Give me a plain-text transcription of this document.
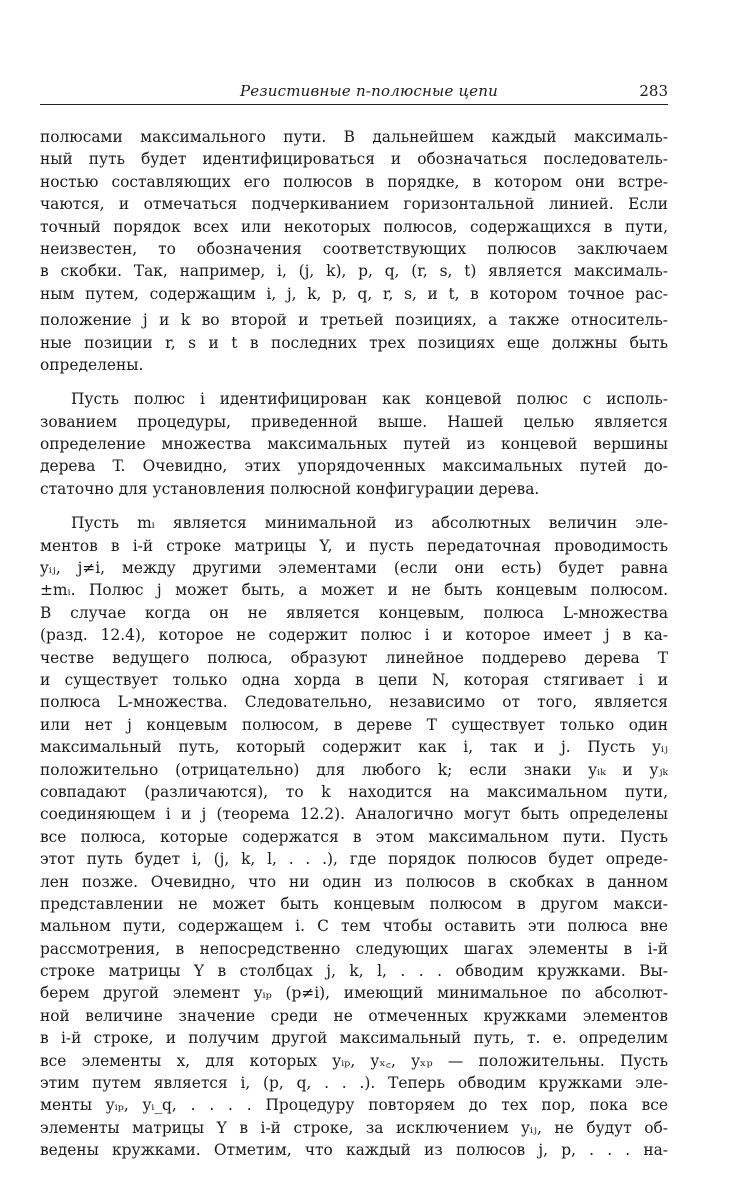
Резистивные n-полюсные цепи	283
полюсами максимального пути. В дальнейшем каждый максималь-
ный путь будет идентифицироваться и обозначаться последователь-
ностью составляющих его полюсов в порядке, в котором они встре-
чаются, и отмечаться подчеркиванием горизонтальной линией. Если
точный порядок всех или некоторых полюсов, содержащихся в пути,
неизвестен, то обозначения соответствующих полюсов заключаем
в скобки. Так, например, i, (j, k), p, q, (r, s, t) является максималь-
ным путем, содержащим i, j, k, p, q, r, s, и t, в котором точное рас-
положение j и k во второй и третьей позициях, а также относитель-
ные позиции r, s и t в последних трех позициях еще должны быть
определены.
Пусть полюс i идентифицирован как концевой полюс с исполь-
зованием процедуры, приведенной выше. Нашей целью является
определение множества максимальных путей из концевой вершины
дерева T. Очевидно, этих упорядоченных максимальных путей до-
статочно для установления полюсной конфигурации дерева.
Пусть mᵢ является минимальной из абсолютных величин эле-
ментов в i-й строке матрицы Y, и пусть передаточная проводимость
yᵢⱼ, j≠i, между другими элементами (если они есть) будет равна
±mᵢ. Полюс j может быть, а может и не быть концевым полюсом.
В случае когда он не является концевым, полюса L-множества
(разд. 12.4), которое не содержит полюс i и которое имеет j в ка-
честве ведущего полюса, образуют линейное поддерево дерева T
и существует только одна хорда в цепи N, которая стягивает i и
полюса L-множества. Следовательно, независимо от того, является
или нет j концевым полюсом, в дереве T существует только один
максимальный путь, который содержит как i, так и j. Пусть yᵢⱼ
положительно (отрицательно) для любого k; если знаки yᵢₖ и yⱼₖ
совпадают (различаются), то k находится на максимальном пути,
соединяющем i и j (теорема 12.2). Аналогично могут быть определены
все полюса, которые содержатся в этом максимальном пути. Пусть
этот путь будет i, (j, k, l, . . .), где порядок полюсов будет опреде-
лен позже. Очевидно, что ни один из полюсов в скобках в данном
представлении не может быть концевым полюсом в другом макси-
мальном пути, содержащем i. С тем чтобы оставить эти полюса вне
рассмотрения, в непосредственно следующих шагах элементы в i-й
строке матрицы Y в столбцах j, k, l, . . . обводим кружками. Вы-
берем другой элемент yᵢₚ (p≠i), имеющий минимальное по абсолют-
ной величине значение среди не отмеченных кружками элементов
в i-й строке, и получим другой максимальный путь, т. е. определим
все элементы x, для которых yᵢₚ, yₓ꜀, yₓₚ — положительны. Пусть
этим путем является i, (p, q, . . .). Теперь обводим кружками эле-
менты yᵢₚ, yᵢ_q, . . . . Процедуру повторяем до тех пор, пока все
элементы матрицы Y в i-й строке, за исключением yᵢⱼ, не будут об-
ведены кружками. Отметим, что каждый из полюсов j, p, . . . на-
